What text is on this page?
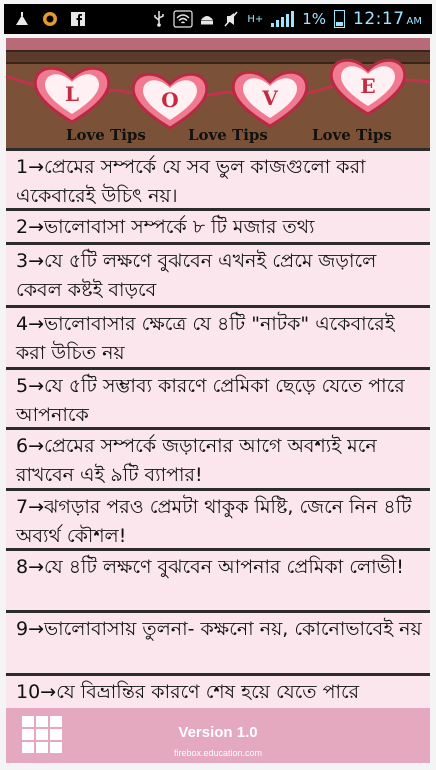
H+	1% 12:17 AM
L	O	V	E
Love Tips	Love Tips	Love Tips
1→প্রেমের সম্পর্কে যে সব ভুল কাজগুলো করা একেবারেই উচিৎ নয়।
2→ভালোবাসা সম্পর্কে ৮ টি মজার তথ্য
3→যে ৫টি লক্ষণে বুঝবেন এখনই প্রেমে জড়ালে কেবল কষ্টই বাড়বে
4→ভালোবাসার ক্ষেত্রে যে ৪টি "নাটক" একেবারেই করা উচিত নয়
5→যে ৫টি সম্ভাব্য কারণে প্রেমিকা ছেড়ে যেতে পারে আপনাকে
6→প্রেমের সম্পর্কে জড়ানোর আগে অবশ্যই মনে রাখবেন এই ৯টি ব্যাপার!
7→ঝগড়ার পরও প্রেমটা থাকুক মিষ্টি, জেনে নিন ৪টি অব্যর্থ কৌশল!
8→যে ৪টি লক্ষণে বুঝবেন আপনার প্রেমিকা লোভী!
9→ভালোবাসায় তুলনা- কক্ষনো নয়, কোনোভাবেই নয়
10→যে বিভ্রান্তির কারণে শেষ হয়ে যেতে পারে
Version 1.0
firebox.education.com
